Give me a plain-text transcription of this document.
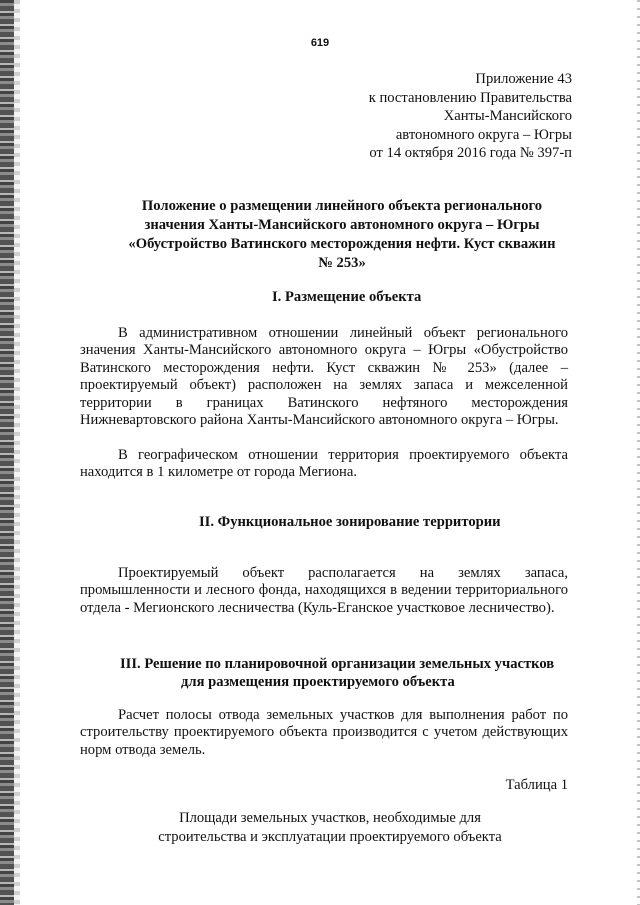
619
Приложение 43
к постановлению Правительства
Ханты-Мансийского
автономного округа – Югры
от 14 октября 2016 года № 397-п
Положение о размещении линейного объекта регионального
значения Ханты-Мансийского автономного округа – Югры
«Обустройство Ватинского месторождения нефти. Куст скважин
№ 253»
I. Размещение объекта
В административном отношении линейный объект регионального значения Ханты-Мансийского автономного округа – Югры «Обустройство Ватинского месторождения нефти. Куст скважин № 253» (далее – проектируемый объект) расположен на землях запаса и межселенной территории в границах Ватинского нефтяного месторождения Нижневартовского района Ханты-Мансийского автономного округа – Югры.
В географическом отношении территория проектируемого объекта находится в 1 километре от города Мегиона.
II. Функциональное зонирование территории
Проектируемый объект располагается на землях запаса, промышленности и лесного фонда, находящихся в ведении территориального отдела - Мегионского лесничества (Куль-Еганское участковое лесничество).
III. Решение по планировочной организации земельных участков
для размещения проектируемого объекта
Расчет полосы отвода земельных участков для выполнения работ по строительству проектируемого объекта производится с учетом действующих норм отвода земель.
Таблица 1
Площади земельных участков, необходимые для
строительства и эксплуатации проектируемого объекта
